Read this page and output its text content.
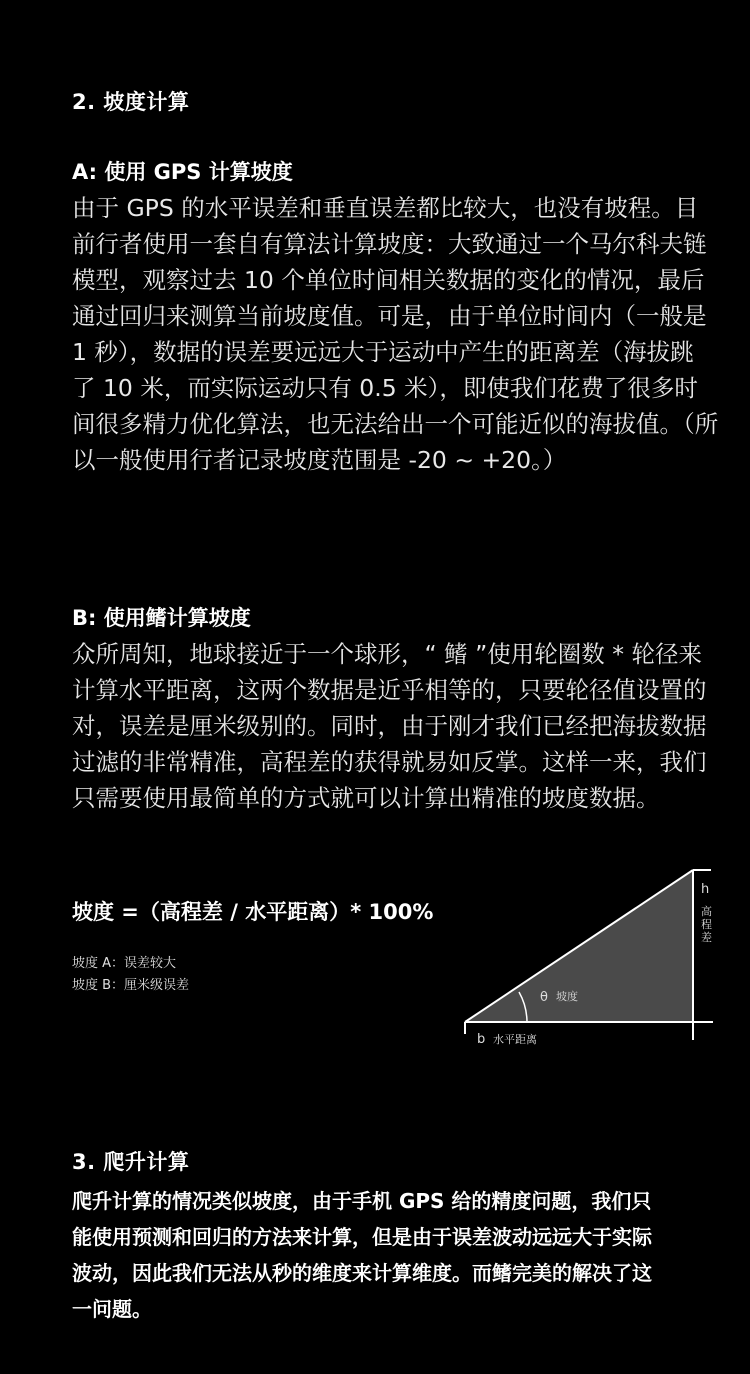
2. 坡度计算
A: 使用 GPS 计算坡度
由于 GPS 的水平误差和垂直误差都比较大，也没有坡程。目
前行者使用一套自有算法计算坡度：大致通过一个马尔科夫链
模型，观察过去 10 个单位时间相关数据的变化的情况，最后
通过回归来测算当前坡度值。可是，由于单位时间内（一般是
1 秒），数据的误差要远远大于运动中产生的距离差（海拔跳
了 10 米，而实际运动只有 0.5 米），即使我们花费了很多时
间很多精力优化算法，也无法给出一个可能近似的海拔值。（所
以一般使用行者记录坡度范围是 -20 ~ +20。）
B: 使用鳍计算坡度
众所周知，地球接近于一个球形，“ 鳍 ”使用轮圈数 * 轮径来
计算水平距离，这两个数据是近乎相等的，只要轮径值设置的
对，误差是厘米级别的。同时，由于刚才我们已经把海拔数据
过滤的非常精准，高程差的获得就易如反掌。这样一来，我们
只需要使用最简单的方式就可以计算出精准的坡度数据。
坡度 =（高程差 / 水平距离）* 100%
坡度 A：误差较大
坡度 B：厘米级误差
h
高
程
差
θ 坡度
b 水平距离
3. 爬升计算
爬升计算的情况类似坡度，由于手机 GPS 给的精度问题，我们只
能使用预测和回归的方法来计算，但是由于误差波动远远大于实际
波动，因此我们无法从秒的维度来计算维度。而鳍完美的解决了这
一问题。
